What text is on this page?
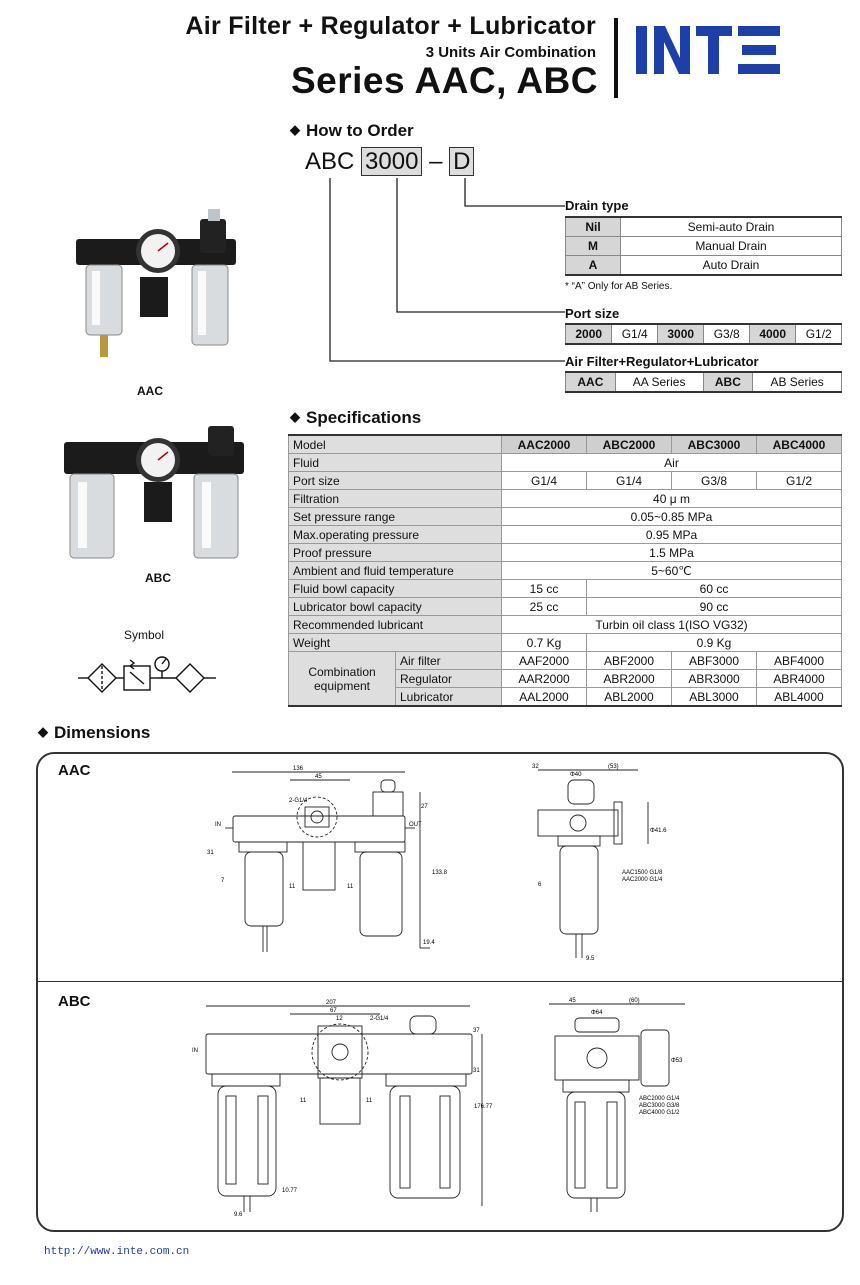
Air Filter + Regulator + Lubricator
3 Units Air Combination
Series AAC, ABC
◆ How to Order
ABC 3000 – D
Drain type
Nil	Semi-auto Drain
M	Manual Drain
A	Auto Drain
* “A” Only for AB Series.
Port size
2000	G1/4	3000	G3/8	4000	G1/2
Air Filter+Regulator+Lubricator
AAC	AA Series	ABC	AB Series
AAC
ABC
Symbol
◆ Specifications
Model		AAC2000	ABC2000	ABC3000	ABC4000
Fluid		Air			
Port size		G1/4	G1/4	G3/8	G1/2
Filtration		40 μ m			
Set pressure range		0.05~0.85 MPa			
Max.operating pressure		0.95 MPa			
Proof pressure		1.5 MPa			
Ambient and fluid temperature		5~60℃			
Fluid bowl capacity		15 cc	60 cc		
Lubricator bowl capacity		25 cc	90 cc		
Recommended lubricant		Turbin oil class 1(ISO VG32)			
Weight		0.7 Kg	0.9 Kg		
Combination equipment	Air filter	AAF2000	ABF2000	ABF3000	ABF4000
	Regulator	AAR2000	ABR2000	ABR3000	ABR4000
	Lubricator	AAL2000	ABL2000	ABL3000	ABL4000
◆ Dimensions
AAC
ABC
136
45
2-G1/4
27
IN	OUT
31
7
11	11
133.8
19.4
32	(53)
Φ40
Φ41.6
6
9.5
AAC1500 G1/8
AAC2000 G1/4
207
67
12	2-G1/4
37
31
IN
176.77
10.77
9.6
11	11
45	(60)
Φ64
Φ53
ABC2000 G1/4
ABC3000 G3/8
ABC4000 G1/2
http://www.inte.com.cn
